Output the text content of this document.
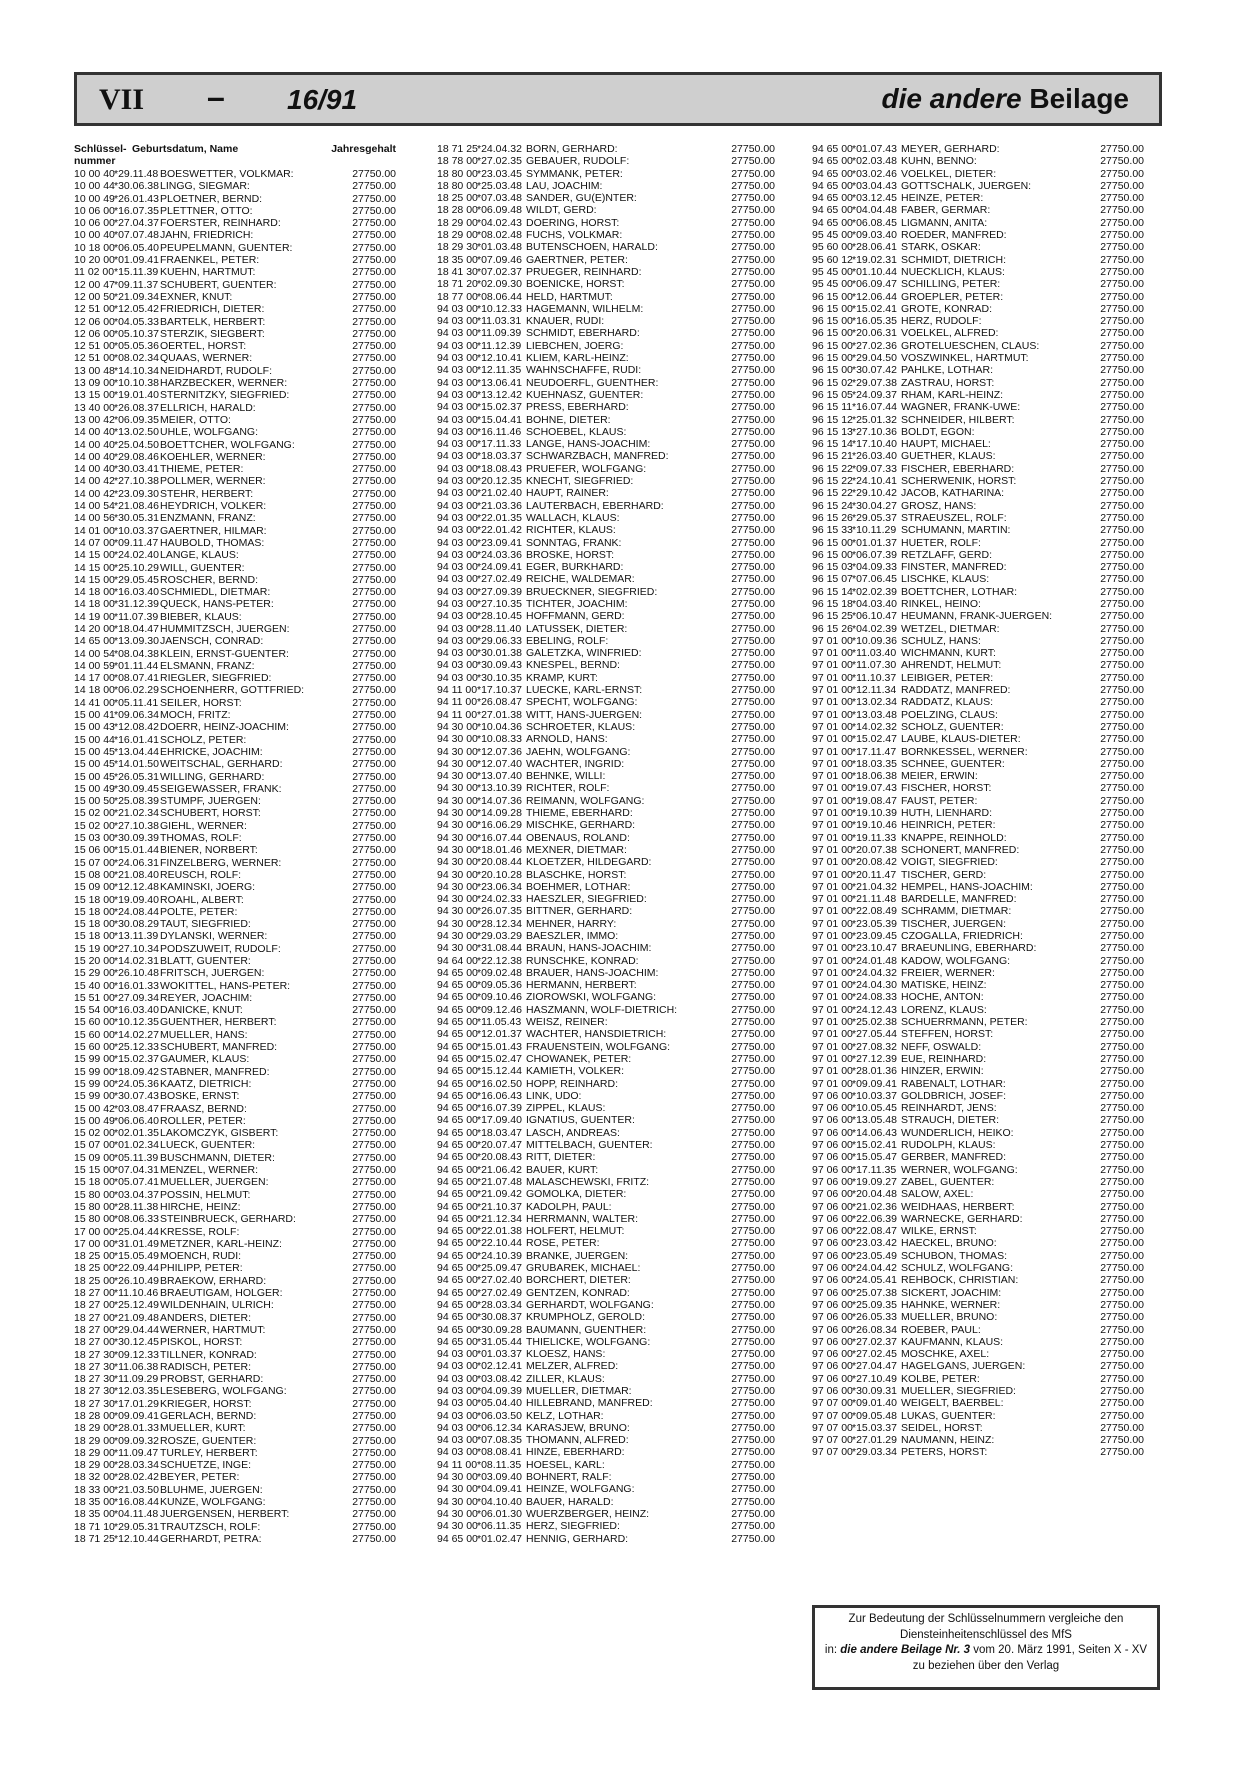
VII – 16/91	die andere Beilage
Schlüssel- nummer
Geburtsdatum, Name	Jahresgehalt
10 00 40 *29.11.48 BOESWETTER, VOLKMAR:	27750.00
10 00 44 *30.06.38 LINGG, SIEGMAR:	27750.00
10 00 49 *26.01.43 PLOETNER, BERND:	27750.00
10 06 00 *16.07.35 PLETTNER, OTTO:	27750.00
10 06 00 *27.04.37 FOERSTER, REINHARD:	27750.00
10 00 40 *07.07.48 JAHN, FRIEDRICH:	27750.00
10 18 00 *06.05.40 PEUPELMANN, GUENTER:	27750.00
10 20 00 *01.09.41 FRAENKEL, PETER:	27750.00
11 02 00 *15.11.39 KUEHN, HARTMUT:	27750.00
12 00 47 *09.11.37 SCHUBERT, GUENTER:	27750.00
12 00 50 *21.09.34 EXNER, KNUT:	27750.00
12 51 00 *12.05.42 FRIEDRICH, DIETER:	27750.00
12 06 00 *04.05.33 BARTELK, HERBERT:	27750.00
12 06 00 *05.10.37 STERZIK, SIEGBERT:	27750.00
12 51 00 *05.05.36 OERTEL, HORST:	27750.00
12 51 00 *08.02.34 QUAAS, WERNER:	27750.00
13 00 48 *14.10.34 NEIDHARDT, RUDOLF:	27750.00
13 09 00 *10.10.38 HARZBECKER, WERNER:	27750.00
13 15 00 *19.01.40 STERNITZKY, SIEGFRIED:	27750.00
13 40 00 *26.08.37 ELLRICH, HARALD:	27750.00
13 00 42 *06.09.35 MEIER, OTTO:	27750.00
14 00 40 *13.02.50 UHLE, WOLFGANG:	27750.00
14 00 40 *25.04.50 BOETTCHER, WOLFGANG:	27750.00
14 00 40 *29.08.46 KOEHLER, WERNER:	27750.00
14 00 40 *30.03.41 THIEME, PETER:	27750.00
14 00 42 *27.10.38 POLLMER, WERNER:	27750.00
14 00 42 *23.09.30 STEHR, HERBERT:	27750.00
14 00 54 *21.08.46 HEYDRICH, VOLKER:	27750.00
14 00 56 *30.05.31 ENZMANN, FRANZ:	27750.00
14 01 00 *10.03.37 GAERTNER, HILMAR:	27750.00
14 07 00 *09.11.47 HAUBOLD, THOMAS:	27750.00
14 15 00 *24.02.40 LANGE, KLAUS:	27750.00
14 15 00 *25.10.29 WILL, GUENTER:	27750.00
14 15 00 *29.05.45 ROSCHER, BERND:	27750.00
14 18 00 *16.03.40 SCHMIEDL, DIETMAR:	27750.00
14 18 00 *31.12.39 QUECK, HANS-PETER:	27750.00
14 19 00 *11.07.39 BIEBER, KLAUS:	27750.00
14 20 00 *18.04.47 HUMMITZSCH, JUERGEN:	27750.00
14 65 00 *13.09.30 JAENSCH, CONRAD:	27750.00
14 00 54 *08.04.38 KLEIN, ERNST-GUENTER:	27750.00
14 00 59 *01.11.44 ELSMANN, FRANZ:	27750.00
14 17 00 *08.07.41 RIEGLER, SIEGFRIED:	27750.00
14 18 00 *06.02.29 SCHOENHERR, GOTTFRIED:	27750.00
14 41 00 *05.11.41 SEILER, HORST:	27750.00
15 00 41 *09.06.34 MOCH, FRITZ:	27750.00
15 00 43 *12.08.42 DOERR, HEINZ-JOACHIM:	27750.00
15 00 44 *16.01.41 SCHOLZ, PETER:	27750.00
15 00 45 *13.04.44 EHRICKE, JOACHIM:	27750.00
15 00 45 *14.01.50 WEITSCHAL, GERHARD:	27750.00
15 00 45 *26.05.31 WILLING, GERHARD:	27750.00
15 00 49 *30.09.45 SEIGEWASSER, FRANK:	27750.00
15 00 50 *25.08.39 STUMPF, JUERGEN:	27750.00
15 02 00 *21.02.34 SCHUBERT, HORST:	27750.00
15 02 00 *27.10.38 GIEHL, WERNER:	27750.00
15 03 00 *30.09.39 THOMAS, ROLF:	27750.00
15 06 00 *15.01.44 BIENER, NORBERT:	27750.00
15 07 00 *24.06.31 FINZELBERG, WERNER:	27750.00
15 08 00 *21.08.40 REUSCH, ROLF:	27750.00
15 09 00 *12.12.48 KAMINSKI, JOERG:	27750.00
15 18 00 *19.09.40 ROAHL, ALBERT:	27750.00
15 18 00 *24.08.44 POLTE, PETER:	27750.00
15 18 00 *30.08.29 TAUT, SIEGFRIED:	27750.00
15 18 00 *13.11.39 DYLANSKI, WERNER:	27750.00
15 19 00 *27.10.34 PODSZUWEIT, RUDOLF:	27750.00
15 20 00 *14.02.31 BLATT, GUENTER:	27750.00
15 29 00 *26.10.48 FRITSCH, JUERGEN:	27750.00
15 40 00 *16.01.33 WOKITTEL, HANS-PETER:	27750.00
15 51 00 *27.09.34 REYER, JOACHIM:	27750.00
15 54 00 *16.03.40 DANICKE, KNUT:	27750.00
15 60 00 *10.12.35 GUENTHER, HERBERT:	27750.00
15 60 00 *14.02.27 MUELLER, HANS:	27750.00
15 60 00 *25.12.33 SCHUBERT, MANFRED:	27750.00
15 99 00 *15.02.37 GAUMER, KLAUS:	27750.00
15 99 00 *18.09.42 STABNER, MANFRED:	27750.00
15 99 00 *24.05.36 KAATZ, DIETRICH:	27750.00
15 99 00 *30.07.43 BOSKE, ERNST:	27750.00
15 00 42 *03.08.47 FRAASZ, BERND:	27750.00
15 00 49 *06.06.40 ROLLER, PETER:	27750.00
15 02 00 *02.01.35 LAKOMCZYK, GISBERT:	27750.00
15 07 00 *01.02.34 LUECK, GUENTER:	27750.00
15 09 00 *05.11.39 BUSCHMANN, DIETER:	27750.00
15 15 00 *07.04.31 MENZEL, WERNER:	27750.00
15 18 00 *05.07.41 MUELLER, JUERGEN:	27750.00
15 80 00 *03.04.37 POSSIN, HELMUT:	27750.00
15 80 00 *28.11.38 HIRCHE, HEINZ:	27750.00
15 80 00 *08.06.33 STEINBRUECK, GERHARD:	27750.00
17 00 00 *25.04.44 KRESSE, ROLF:	27750.00
17 00 00 *31.01.49 METZNER, KARL-HEINZ:	27750.00
18 25 00 *15.05.49 MOENCH, RUDI:	27750.00
18 25 00 *22.09.44 PHILIPP, PETER:	27750.00
18 25 00 *26.10.49 BRAEKOW, ERHARD:	27750.00
18 27 00 *11.10.46 BRAEUTIGAM, HOLGER:	27750.00
18 27 00 *25.12.49 WILDENHAIN, ULRICH:	27750.00
18 27 00 *21.09.48 ANDERS, DIETER:	27750.00
18 27 00 *29.04.44 WERNER, HARTMUT:	27750.00
18 27 00 *30.12.45 PISKOL, HORST:	27750.00
18 27 30 *09.12.33 TILLNER, KONRAD:	27750.00
18 27 30 *11.06.38 RADISCH, PETER:	27750.00
18 27 30 *11.09.29 PROBST, GERHARD:	27750.00
18 27 30 *12.03.35 LESEBERG, WOLFGANG:	27750.00
18 27 30 *17.01.29 KRIEGER, HORST:	27750.00
18 28 00 *09.09.41 GERLACH, BERND:	27750.00
18 29 00 *28.01.33 MUELLER, KURT:	27750.00
18 29 00 *09.09.32 ROSZE, GUENTER:	27750.00
18 29 00 *11.09.47 TURLEY, HERBERT:	27750.00
18 29 00 *28.03.34 SCHUETZE, INGE:	27750.00
18 32 00 *28.02.42 BEYER, PETER:	27750.00
18 33 00 *21.03.50 BLUHME, JUERGEN:	27750.00
18 35 00 *16.08.44 KUNZE, WOLFGANG:	27750.00
18 35 00 *04.11.48 JUERGENSEN, HERBERT:	27750.00
18 71 10 *29.05.31 TRAUTZSCH, ROLF:	27750.00
18 71 25 *12.10.44 GERHARDT, PETRA:	27750.00
18 71 25 *24.04.32 BORN, GERHARD:	27750.00
18 78 00 *27.02.35 GEBAUER, RUDOLF:	27750.00
18 80 00 *23.03.45 SYMMANK, PETER:	27750.00
18 80 00 *25.03.48 LAU, JOACHIM:	27750.00
18 25 00 *07.03.48 SANDER, GU(E)NTER:	27750.00
18 28 00 *06.09.48 WILDT, GERD:	27750.00
18 29 00 *04.02.43 DOERING, HORST:	27750.00
18 29 00 *08.02.48 FUCHS, VOLKMAR:	27750.00
18 29 30 *01.03.48 BUTENSCHOEN, HARALD:	27750.00
18 35 00 *07.09.46 GAERTNER, PETER:	27750.00
18 41 30 *07.02.37 PRUEGER, REINHARD:	27750.00
18 71 20 *02.09.30 BOENICKE, HORST:	27750.00
18 77 00 *08.06.44 HELD, HARTMUT:	27750.00
94 03 00 *10.12.33 HAGEMANN, WILHELM:	27750.00
94 03 00 *11.03.31 KNAUER, RUDI:	27750.00
94 03 00 *11.09.39 SCHMIDT, EBERHARD:	27750.00
94 03 00 *11.12.39 LIEBCHEN, JOERG:	27750.00
94 03 00 *12.10.41 KLIEM, KARL-HEINZ:	27750.00
94 03 00 *12.11.35 WAHNSCHAFFE, RUDI:	27750.00
94 03 00 *13.06.41 NEUDOERFL, GUENTHER:	27750.00
94 03 00 *13.12.42 KUEHNASZ, GUENTER:	27750.00
94 03 00 *15.02.37 PRESS, EBERHARD:	27750.00
94 03 00 *15.04.41 BOHNE, DIETER:	27750.00
94 03 00 *16.11.46 SCHOEBEL, KLAUS:	27750.00
94 03 00 *17.11.33 LANGE, HANS-JOACHIM:	27750.00
94 03 00 *18.03.37 SCHWARZBACH, MANFRED:	27750.00
94 03 00 *18.08.43 PRUEFER, WOLFGANG:	27750.00
94 03 00 *20.12.35 KNECHT, SIEGFRIED:	27750.00
94 03 00 *21.02.40 HAUPT, RAINER:	27750.00
94 03 00 *21.03.36 LAUTERBACH, EBERHARD:	27750.00
94 03 00 *22.01.35 WALLACH, KLAUS:	27750.00
94 03 00 *22.01.42 RICHTER, KLAUS:	27750.00
94 03 00 *23.09.41 SONNTAG, FRANK:	27750.00
94 03 00 *24.03.36 BROSKE, HORST:	27750.00
94 03 00 *24.09.41 EGER, BURKHARD:	27750.00
94 03 00 *27.02.49 REICHE, WALDEMAR:	27750.00
94 03 00 *27.09.39 BRUECKNER, SIEGFRIED:	27750.00
94 03 00 *27.10.35 TICHTER, JOACHIM:	27750.00
94 03 00 *28.10.45 HOFFMANN, GERD:	27750.00
94 03 00 *28.11.40 LATUSSEK, DIETER:	27750.00
94 03 00 *29.06.33 EBELING, ROLF:	27750.00
94 03 00 *30.01.38 GALETZKA, WINFRIED:	27750.00
94 03 00 *30.09.43 KNESPEL, BERND:	27750.00
94 03 00 *30.10.35 KRAMP, KURT:	27750.00
94 11 00 *17.10.37 LUECKE, KARL-ERNST:	27750.00
94 11 00 *26.08.47 SPECHT, WOLFGANG:	27750.00
94 11 00 *27.01.38 WITT, HANS-JUERGEN:	27750.00
94 30 00 *10.04.36 SCHROETER, KLAUS:	27750.00
94 30 00 *10.08.33 ARNOLD, HANS:	27750.00
94 30 00 *12.07.36 JAEHN, WOLFGANG:	27750.00
94 30 00 *12.07.40 WACHTER, INGRID:	27750.00
94 30 00 *13.07.40 BEHNKE, WILLI:	27750.00
94 30 00 *13.10.39 RICHTER, ROLF:	27750.00
94 30 00 *14.07.36 REIMANN, WOLFGANG:	27750.00
94 30 00 *14.09.28 THIEME, EBERHARD:	27750.00
94 30 00 *16.06.29 MISCHKE, GERHARD:	27750.00
94 30 00 *16.07.44 OBENAUS, ROLAND:	27750.00
94 30 00 *18.01.46 MEXNER, DIETMAR:	27750.00
94 30 00 *20.08.44 KLOETZER, HILDEGARD:	27750.00
94 30 00 *20.10.28 BLASCHKE, HORST:	27750.00
94 30 00 *23.06.34 BOEHMER, LOTHAR:	27750.00
94 30 00 *24.02.33 HAESZLER, SIEGFRIED:	27750.00
94 30 00 *26.07.35 BITTNER, GERHARD:	27750.00
94 30 00 *28.12.34 MEHNER, HARRY:	27750.00
94 30 00 *29.03.29 BAESZLER, IMMO:	27750.00
94 30 00 *31.08.44 BRAUN, HANS-JOACHIM:	27750.00
94 64 00 *22.12.38 RUNSCHKE, KONRAD:	27750.00
94 65 00 *09.02.48 BRAUER, HANS-JOACHIM:	27750.00
94 65 00 *09.05.36 HERMANN, HERBERT:	27750.00
94 65 00 *09.10.46 ZIOROWSKI, WOLFGANG:	27750.00
94 65 00 *09.12.46 HASZMANN, WOLF-DIETRICH:	27750.00
94 65 00 *11.05.43 WEISZ, REINER:	27750.00
94 65 00 *12.01.37 WACHTER, HANSDIETRICH:	27750.00
94 65 00 *15.01.43 FRAUENSTEIN, WOLFGANG:	27750.00
94 65 00 *15.02.47 CHOWANEK, PETER:	27750.00
94 65 00 *15.12.44 KAMIETH, VOLKER:	27750.00
94 65 00 *16.02.50 HOPP, REINHARD:	27750.00
94 65 00 *16.06.43 LINK, UDO:	27750.00
94 65 00 *16.07.39 ZIPPEL, KLAUS:	27750.00
94 65 00 *17.09.40 IGNATIUS, GUENTER:	27750.00
94 65 00 *18.03.47 LASCH, ANDREAS:	27750.00
94 65 00 *20.07.47 MITTELBACH, GUENTER:	27750.00
94 65 00 *20.08.43 RITT, DIETER:	27750.00
94 65 00 *21.06.42 BAUER, KURT:	27750.00
94 65 00 *21.07.48 MALASCHEWSKI, FRITZ:	27750.00
94 65 00 *21.09.42 GOMOLKA, DIETER:	27750.00
94 65 00 *21.10.37 KADOLPH, PAUL:	27750.00
94 65 00 *21.12.34 HERRMANN, WALTER:	27750.00
94 65 00 *22.01.38 HOLFERT, HELMUT:	27750.00
94 65 00 *22.10.44 ROSE, PETER:	27750.00
94 65 00 *24.10.39 BRANKE, JUERGEN:	27750.00
94 65 00 *25.09.47 GRUBAREK, MICHAEL:	27750.00
94 65 00 *27.02.40 BORCHERT, DIETER:	27750.00
94 65 00 *27.02.49 GENTZEN, KONRAD:	27750.00
94 65 00 *28.03.34 GERHARDT, WOLFGANG:	27750.00
94 65 00 *30.08.37 KRUMPHOLZ, GEROLD:	27750.00
94 65 00 *30.09.28 BAUMANN, GUENTHER:	27750.00
94 65 00 *31.05.44 THIELICKE, WOLFGANG:	27750.00
94 03 00 *01.03.37 KLOESZ, HANS:	27750.00
94 03 00 *02.12.41 MELZER, ALFRED:	27750.00
94 03 00 *03.08.42 ZILLER, KLAUS:	27750.00
94 03 00 *04.09.39 MUELLER, DIETMAR:	27750.00
94 03 00 *05.04.40 HILLEBRAND, MANFRED:	27750.00
94 03 00 *06.03.50 KELZ, LOTHAR:	27750.00
94 03 00 *06.12.34 KARASJEW, BRUNO:	27750.00
94 03 00 *07.08.35 THOMANN, ALFRED:	27750.00
94 03 00 *08.08.41 HINZE, EBERHARD:	27750.00
94 11 00 *08.11.35 HOESEL, KARL:	27750.00
94 30 00 *03.09.40 BOHNERT, RALF:	27750.00
94 30 00 *04.09.41 HEINZE, WOLFGANG:	27750.00
94 30 00 *04.10.40 BAUER, HARALD:	27750.00
94 30 00 *06.01.30 WUERZBERGER, HEINZ:	27750.00
94 30 00 *06.11.35 HERZ, SIEGFRIED:	27750.00
94 65 00 *01.02.47 HENNIG, GERHARD:	27750.00
94 65 00 *01.07.43 MEYER, GERHARD:	27750.00
94 65 00 *02.03.48 KUHN, BENNO:	27750.00
94 65 00 *03.02.46 VOELKEL, DIETER:	27750.00
94 65 00 *03.04.43 GOTTSCHALK, JUERGEN:	27750.00
94 65 00 *03.12.45 HEINZE, PETER:	27750.00
94 65 00 *04.04.48 FABER, GERMAR:	27750.00
94 65 00 *06.08.45 LIGMANN, ANITA:	27750.00
95 45 00 *09.03.40 ROEDER, MANFRED:	27750.00
95 60 00 *28.06.41 STARK, OSKAR:	27750.00
95 60 12 *19.02.31 SCHMIDT, DIETRICH:	27750.00
95 45 00 *01.10.44 NUECKLICH, KLAUS:	27750.00
95 45 00 *06.09.47 SCHILLING, PETER:	27750.00
96 15 00 *12.06.44 GROEPLER, PETER:	27750.00
96 15 00 *15.02.41 GROTE, KONRAD:	27750.00
96 15 00 *16.05.35 HERZ, RUDOLF:	27750.00
96 15 00 *20.06.31 VOELKEL, ALFRED:	27750.00
96 15 00 *27.02.36 GROTELUESCHEN, CLAUS:	27750.00
96 15 00 *29.04.50 VOSZWINKEL, HARTMUT:	27750.00
96 15 00 *30.07.42 PAHLKE, LOTHAR:	27750.00
96 15 02 *29.07.38 ZASTRAU, HORST:	27750.00
96 15 05 *24.09.37 RHAM, KARL-HEINZ:	27750.00
96 15 11 *16.07.44 WAGNER, FRANK-UWE:	27750.00
96 15 12 *25.01.32 SCHNEIDER, HILBERT:	27750.00
96 15 13 *27.10.36 BOLDT, EGON:	27750.00
96 15 14 *17.10.40 HAUPT, MICHAEL:	27750.00
96 15 21 *26.03.40 GUETHER, KLAUS:	27750.00
96 15 22 *09.07.33 FISCHER, EBERHARD:	27750.00
96 15 22 *24.10.41 SCHERWENIK, HORST:	27750.00
96 15 22 *29.10.42 JACOB, KATHARINA:	27750.00
96 15 24 *30.04.27 GROSZ, HANS:	27750.00
96 15 26 *29.05.37 STRAEUSZEL, ROLF:	27750.00
96 15 33 *10.11.29 SCHUMANN, MARTIN:	27750.00
96 15 00 *01.01.37 HUETER, ROLF:	27750.00
96 15 00 *06.07.39 RETZLAFF, GERD:	27750.00
96 15 03 *04.09.33 FINSTER, MANFRED:	27750.00
96 15 07 *07.06.45 LISCHKE, KLAUS:	27750.00
96 15 14 *02.02.39 BOETTCHER, LOTHAR:	27750.00
96 15 18 *04.03.40 RINKEL, HEINO:	27750.00
96 15 25 *06.10.47 HEUMANN, FRANK-JUERGEN:	27750.00
96 15 26 *04.02.39 WETZEL, DIETMAR:	27750.00
97 01 00 *10.09.36 SCHULZ, HANS:	27750.00
97 01 00 *11.03.40 WICHMANN, KURT:	27750.00
97 01 00 *11.07.30 AHRENDT, HELMUT:	27750.00
97 01 00 *11.10.37 LEIBIGER, PETER:	27750.00
97 01 00 *12.11.34 RADDATZ, MANFRED:	27750.00
97 01 00 *13.02.34 RADDATZ, KLAUS:	27750.00
97 01 00 *13.03.48 POELZING, CLAUS:	27750.00
97 01 00 *14.02.32 SCHOLZ, GUENTER:	27750.00
97 01 00 *15.02.47 LAUBE, KLAUS-DIETER:	27750.00
97 01 00 *17.11.47 BORNKESSEL, WERNER:	27750.00
97 01 00 *18.03.35 SCHNEE, GUENTER:	27750.00
97 01 00 *18.06.38 MEIER, ERWIN:	27750.00
97 01 00 *19.07.43 FISCHER, HORST:	27750.00
97 01 00 *19.08.47 FAUST, PETER:	27750.00
97 01 00 *19.10.39 HUTH, LIENHARD:	27750.00
97 01 00 *19.10.46 HEINRICH, PETER:	27750.00
97 01 00 *19.11.33 KNAPPE, REINHOLD:	27750.00
97 01 00 *20.07.38 SCHONERT, MANFRED:	27750.00
97 01 00 *20.08.42 VOIGT, SIEGFRIED:	27750.00
97 01 00 *20.11.47 TISCHER, GERD:	27750.00
97 01 00 *21.04.32 HEMPEL, HANS-JOACHIM:	27750.00
97 01 00 *21.11.48 BARDELLE, MANFRED:	27750.00
97 01 00 *22.08.49 SCHRAMM, DIETMAR:	27750.00
97 01 00 *23.05.39 TISCHER, JUERGEN:	27750.00
97 01 00 *23.09.45 CZOGALLA, FRIEDRICH:	27750.00
97 01 00 *23.10.47 BRAEUNLING, EBERHARD:	27750.00
97 01 00 *24.01.48 KADOW, WOLFGANG:	27750.00
97 01 00 *24.04.32 FREIER, WERNER:	27750.00
97 01 00 *24.04.30 MATISKE, HEINZ:	27750.00
97 01 00 *24.08.33 HOCHE, ANTON:	27750.00
97 01 00 *24.12.43 LORENZ, KLAUS:	27750.00
97 01 00 *25.02.38 SCHUERRMANN, PETER:	27750.00
97 01 00 *27.05.44 STEFFEN, HORST:	27750.00
97 01 00 *27.08.32 NEFF, OSWALD:	27750.00
97 01 00 *27.12.39 EUE, REINHARD:	27750.00
97 01 00 *28.01.36 HINZER, ERWIN:	27750.00
97 01 00 *09.09.41 RABENALT, LOTHAR:	27750.00
97 06 00 *10.03.37 GOLDBRICH, JOSEF:	27750.00
97 06 00 *10.05.45 REINHARDT, JENS:	27750.00
97 06 00 *13.05.48 STRAUCH, DIETER:	27750.00
97 06 00 *14.06.43 WUNDERLICH, HEIKO:	27750.00
97 06 00 *15.02.41 RUDOLPH, KLAUS:	27750.00
97 06 00 *15.05.47 GERBER, MANFRED:	27750.00
97 06 00 *17.11.35 WERNER, WOLFGANG:	27750.00
97 06 00 *19.09.27 ZABEL, GUENTER:	27750.00
97 06 00 *20.04.48 SALOW, AXEL:	27750.00
97 06 00 *21.02.36 WEIDHAAS, HERBERT:	27750.00
97 06 00 *22.06.39 WARNECKE, GERHARD:	27750.00
97 06 00 *22.08.47 WILKE, ERNST:	27750.00
97 06 00 *23.03.42 HAECKEL, BRUNO:	27750.00
97 06 00 *23.05.49 SCHUBON, THOMAS:	27750.00
97 06 00 *24.04.42 SCHULZ, WOLFGANG:	27750.00
97 06 00 *24.05.41 REHBOCK, CHRISTIAN:	27750.00
97 06 00 *25.07.38 SICKERT, JOACHIM:	27750.00
97 06 00 *25.09.35 HAHNKE, WERNER:	27750.00
97 06 00 *26.05.33 MUELLER, BRUNO:	27750.00
97 06 00 *26.08.34 ROEBER, PAUL:	27750.00
97 06 00 *27.02.37 KAUFMANN, KLAUS:	27750.00
97 06 00 *27.02.45 MOSCHKE, AXEL:	27750.00
97 06 00 *27.04.47 HAGELGANS, JUERGEN:	27750.00
97 06 00 *27.10.49 KOLBE, PETER:	27750.00
97 06 00 *30.09.31 MUELLER, SIEGFRIED:	27750.00
97 07 00 *09.01.40 WEIGELT, BAERBEL:	27750.00
97 07 00 *09.05.48 LUKAS, GUENTER:	27750.00
97 07 00 *15.03.37 SEIDEL, HORST:	27750.00
97 07 00 *27.01.29 NAUMANN, HEINZ:	27750.00
97 07 00 *29.03.34 PETERS, HORST:	27750.00
Zur Bedeutung der Schlüsselnummern vergleiche den
Diensteinheitenschlüssel des MfS
in: die andere Beilage Nr. 3 vom 20. März 1991, Seiten X - XV
zu beziehen über den Verlag
